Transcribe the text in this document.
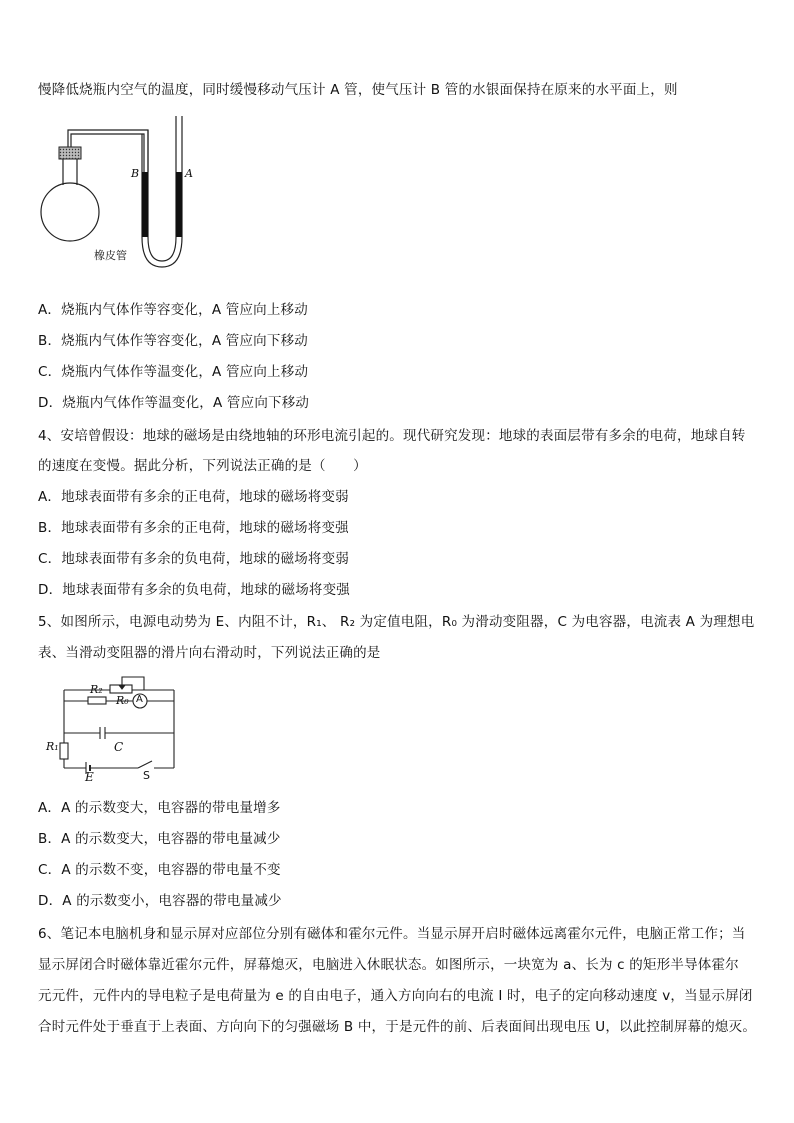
慢降低烧瓶内空气的温度，同时缓慢移动气压计 A 管，使气压计 B 管的水银面保持在原来的水平面上，则
B	A
橡皮管
A．烧瓶内气体作等容变化，A 管应向上移动
B．烧瓶内气体作等容变化，A 管应向下移动
C．烧瓶内气体作等温变化，A 管应向上移动
D．烧瓶内气体作等温变化，A 管应向下移动
4、安培曾假设：地球的磁场是由绕地轴的环形电流引起的。现代研究发现：地球的表面层带有多余的电荷，地球自转
的速度在变慢。据此分析，下列说法正确的是（　　）
A．地球表面带有多余的正电荷，地球的磁场将变弱
B．地球表面带有多余的正电荷，地球的磁场将变强
C．地球表面带有多余的负电荷，地球的磁场将变弱
D．地球表面带有多余的负电荷，地球的磁场将变强
5、如图所示，电源电动势为 E、内阻不计，R₁、 R₂ 为定值电阻，R₀ 为滑动变阻器，C 为电容器，电流表 A 为理想电
表、当滑动变阻器的滑片向右滑动时，下列说法正确的是
R₀
R₂
A
R₁	C
E	S
A．A 的示数变大，电容器的带电量增多
B．A 的示数变大，电容器的带电量减少
C．A 的示数不变，电容器的带电量不变
D．A 的示数变小，电容器的带电量减少
6、笔记本电脑机身和显示屏对应部位分别有磁体和霍尔元件。当显示屏开启时磁体远离霍尔元件，电脑正常工作；当
显示屏闭合时磁体靠近霍尔元件，屏幕熄灭，电脑进入休眠状态。如图所示，一块宽为 a、长为 c 的矩形半导体霍尔
元元件，元件内的导电粒子是电荷量为 e 的自由电子，通入方向向右的电流 I 时，电子的定向移动速度 v，当显示屏闭
合时元件处于垂直于上表面、方向向下的匀强磁场 B 中，于是元件的前、后表面间出现电压 U，以此控制屏幕的熄灭。
